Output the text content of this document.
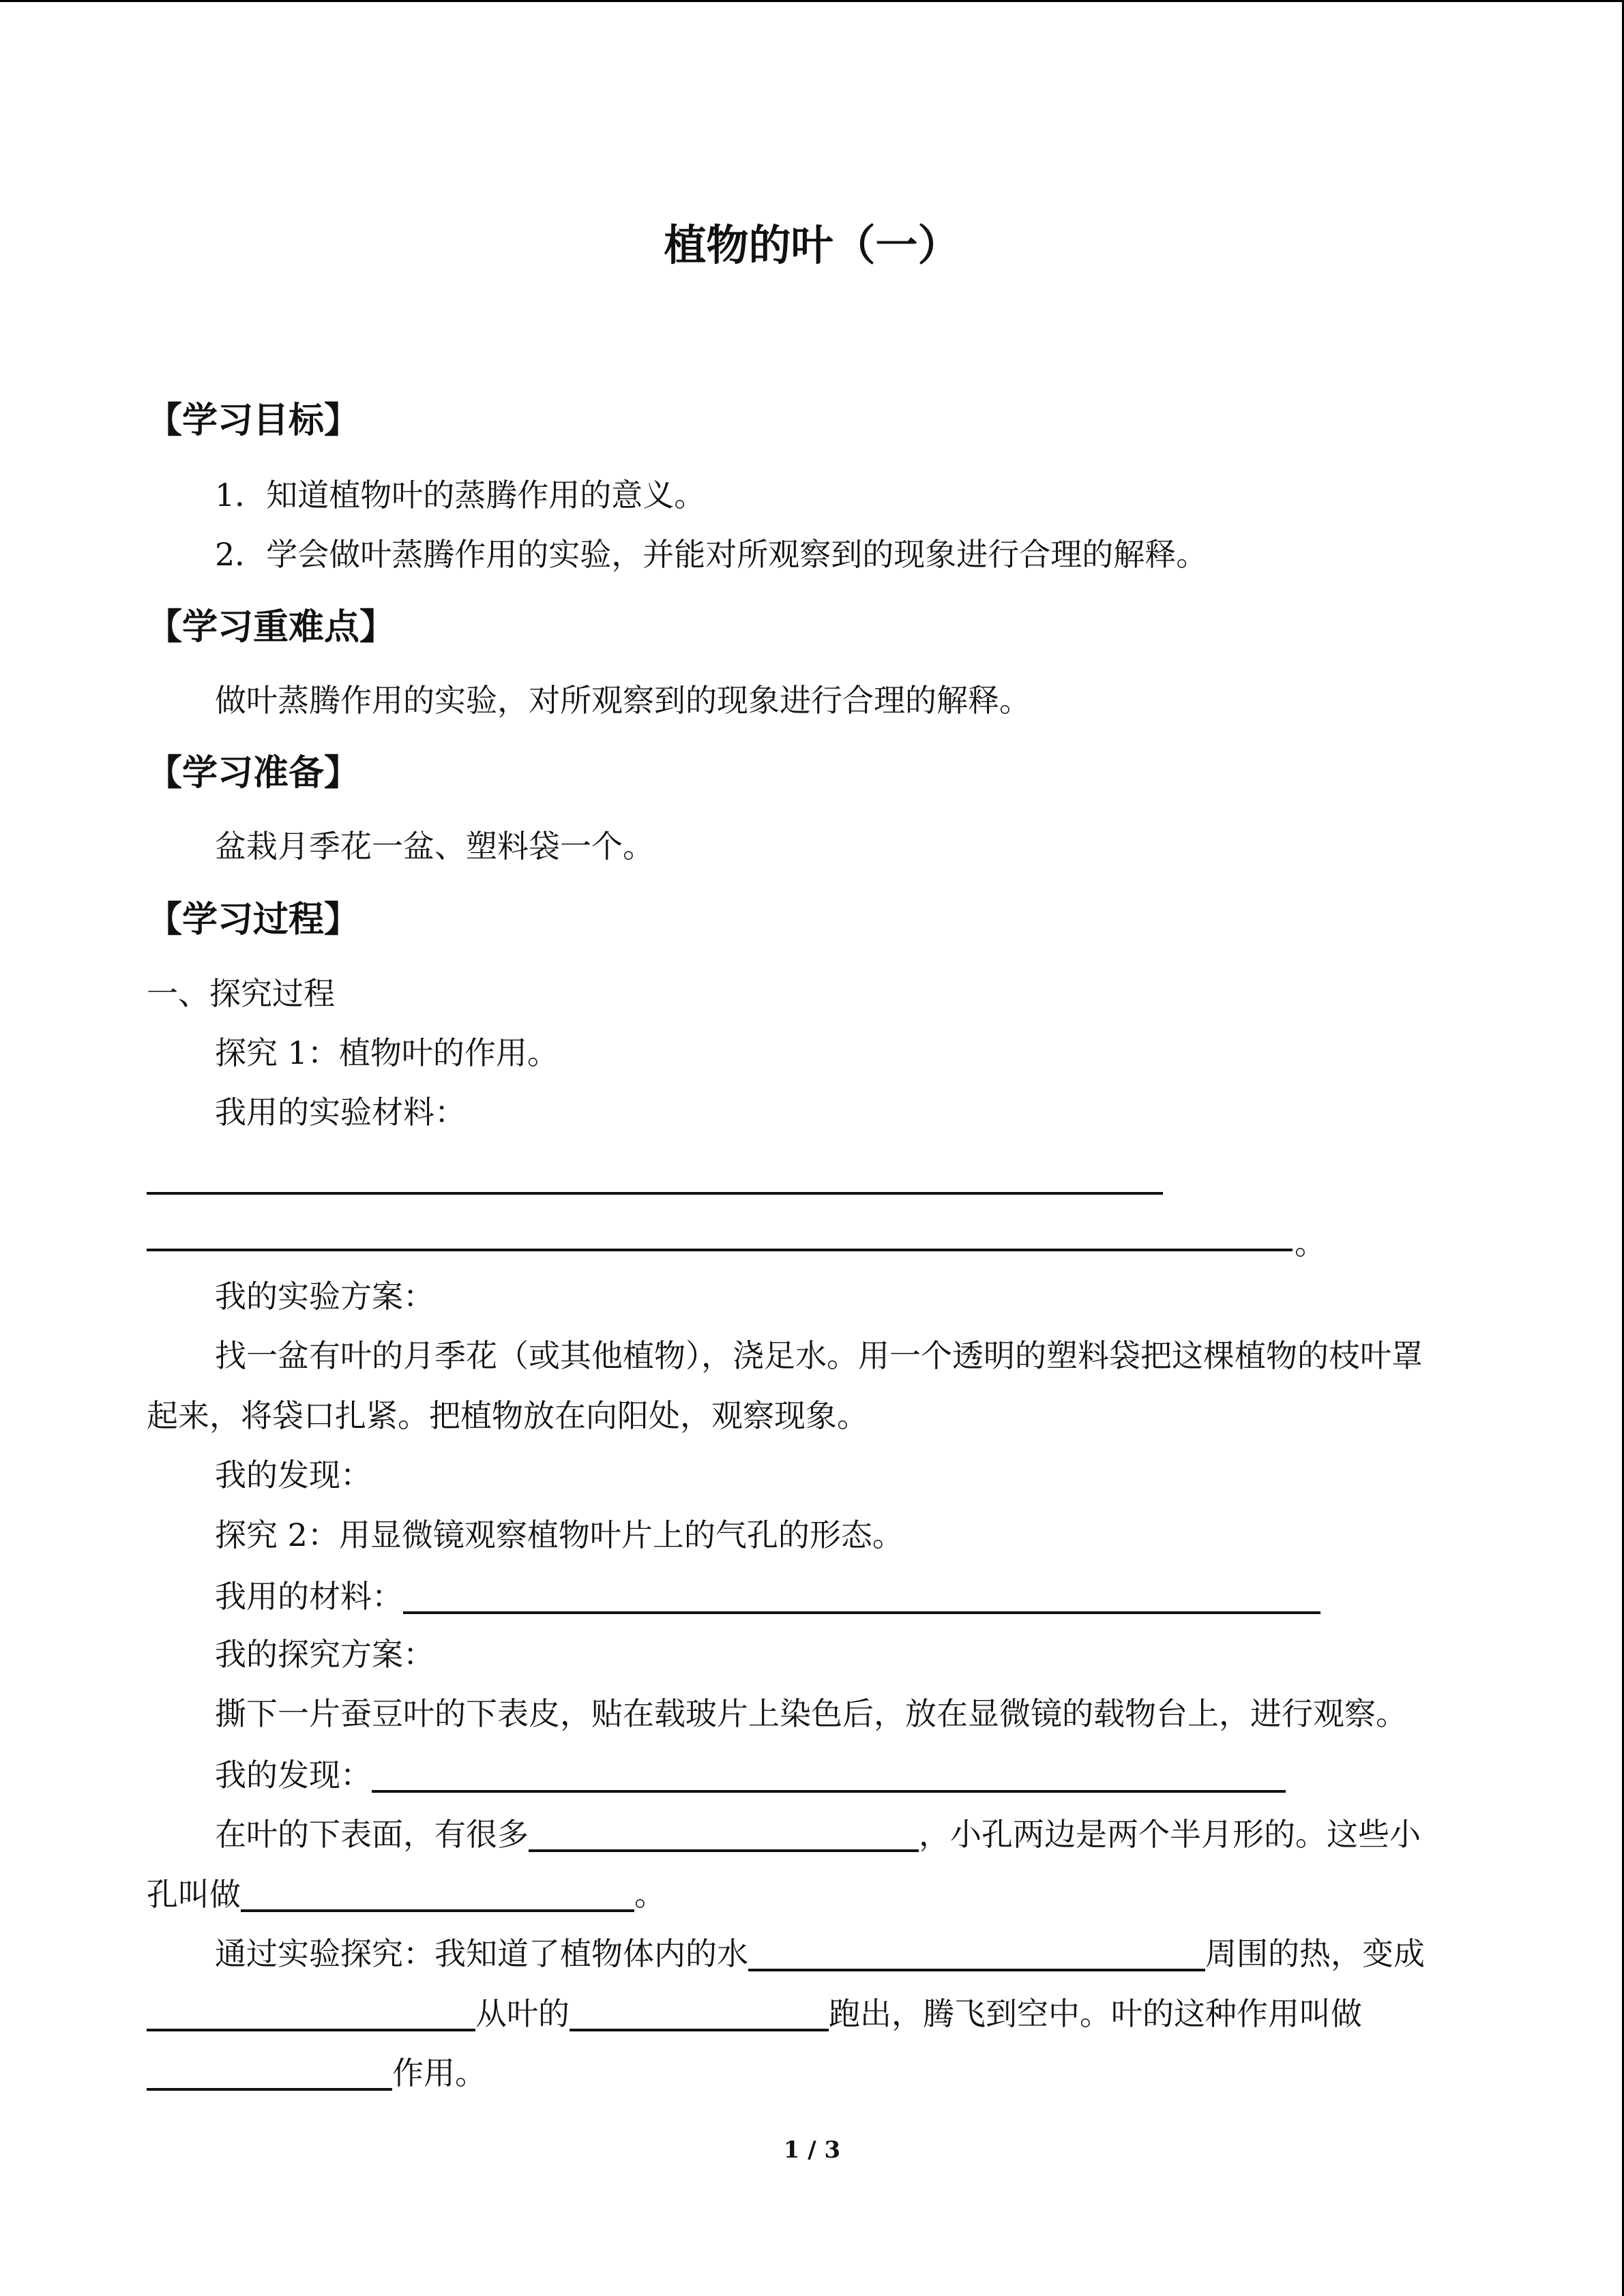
植物的叶（一）
【学习目标】
1．知道植物叶的蒸腾作用的意义。
2．学会做叶蒸腾作用的实验，并能对所观察到的现象进行合理的解释。
【学习重难点】
做叶蒸腾作用的实验，对所观察到的现象进行合理的解释。
【学习准备】
盆栽月季花一盆、塑料袋一个。
【学习过程】
一、探究过程
探究 1：植物叶的作用。
我用的实验材料：
。
我的实验方案：
找一盆有叶的月季花（或其他植物），浇足水。用一个透明的塑料袋把这棵植物的枝叶罩
起来，将袋口扎紧。把植物放在向阳处，观察现象。
我的发现：
探究 2：用显微镜观察植物叶片上的气孔的形态。
我用的材料：
我的探究方案：
撕下一片蚕豆叶的下表皮，贴在载玻片上染色后，放在显微镜的载物台上，进行观察。
我的发现：
在叶的下表面，有很多	，小孔两边是两个半月形的。这些小
孔叫做	。
通过实验探究：我知道了植物体内的水	周围的热，变成
从叶的	跑出，腾飞到空中。叶的这种作用叫做
作用。
1 / 3
